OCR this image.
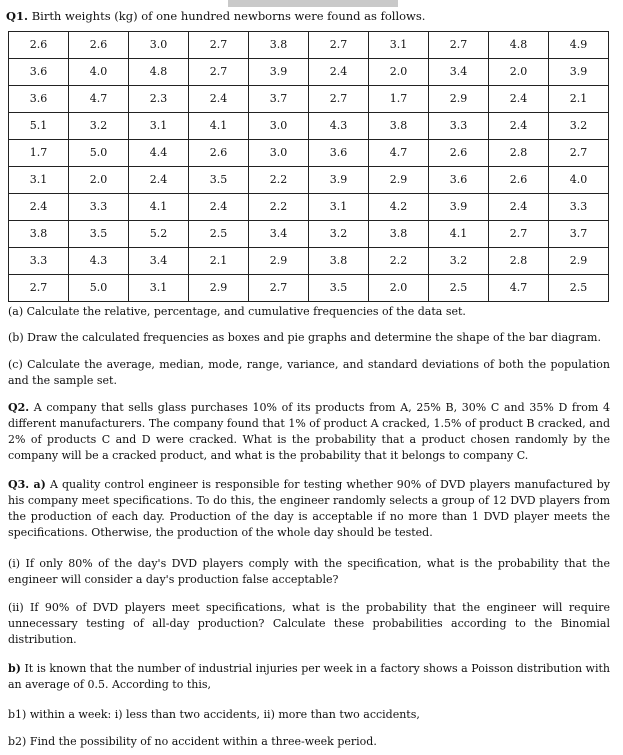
Q1. Birth weights (kg) of one hundred newborns were found as follows.
2.6	2.6	3.0	2.7	3.8	2.7	3.1	2.7	4.8	4.9
3.6	4.0	4.8	2.7	3.9	2.4	2.0	3.4	2.0	3.9
3.6	4.7	2.3	2.4	3.7	2.7	1.7	2.9	2.4	2.1
5.1	3.2	3.1	4.1	3.0	4.3	3.8	3.3	2.4	3.2
1.7	5.0	4.4	2.6	3.0	3.6	4.7	2.6	2.8	2.7
3.1	2.0	2.4	3.5	2.2	3.9	2.9	3.6	2.6	4.0
2.4	3.3	4.1	2.4	2.2	3.1	4.2	3.9	2.4	3.3
3.8	3.5	5.2	2.5	3.4	3.2	3.8	4.1	2.7	3.7
3.3	4.3	3.4	2.1	2.9	3.8	2.2	3.2	2.8	2.9
2.7	5.0	3.1	2.9	2.7	3.5	2.0	2.5	4.7	2.5

(a) Calculate the relative, percentage, and cumulative frequencies of the data set.

(b) Draw the calculated frequencies as boxes and pie graphs and determine the shape of the bar diagram.

(c) Calculate the average, median, mode, range, variance, and standard deviations of both the population and the sample set.

Q2. A company that sells glass purchases 10% of its products from A, 25% B, 30% C and 35% D from 4 different manufacturers. The company found that 1% of product A cracked, 1.5% of product B cracked, and 2% of products C and D were cracked. What is the probability that a product chosen randomly by the company will be a cracked product, and what is the probability that it belongs to company C.

Q3. a) A quality control engineer is responsible for testing whether 90% of DVD players manufactured by his company meet specifications. To do this, the engineer randomly selects a group of 12 DVD players from the production of each day. Production of the day is acceptable if no more than 1 DVD player meets the specifications. Otherwise, the production of the whole day should be tested.

(i) If only 80% of the day's DVD players comply with the specification, what is the probability that the engineer will consider a day's production false acceptable?

(ii) If 90% of DVD players meet specifications, what is the probability that the engineer will require unnecessary testing of all-day production? Calculate these probabilities according to the Binomial distribution.

b) It is known that the number of industrial injuries per week in a factory shows a Poisson distribution with an average of 0.5. According to this,

b1) within a week: i) less than two accidents, ii) more than two accidents,

b2) Find the possibility of no accident within a three-week period.
